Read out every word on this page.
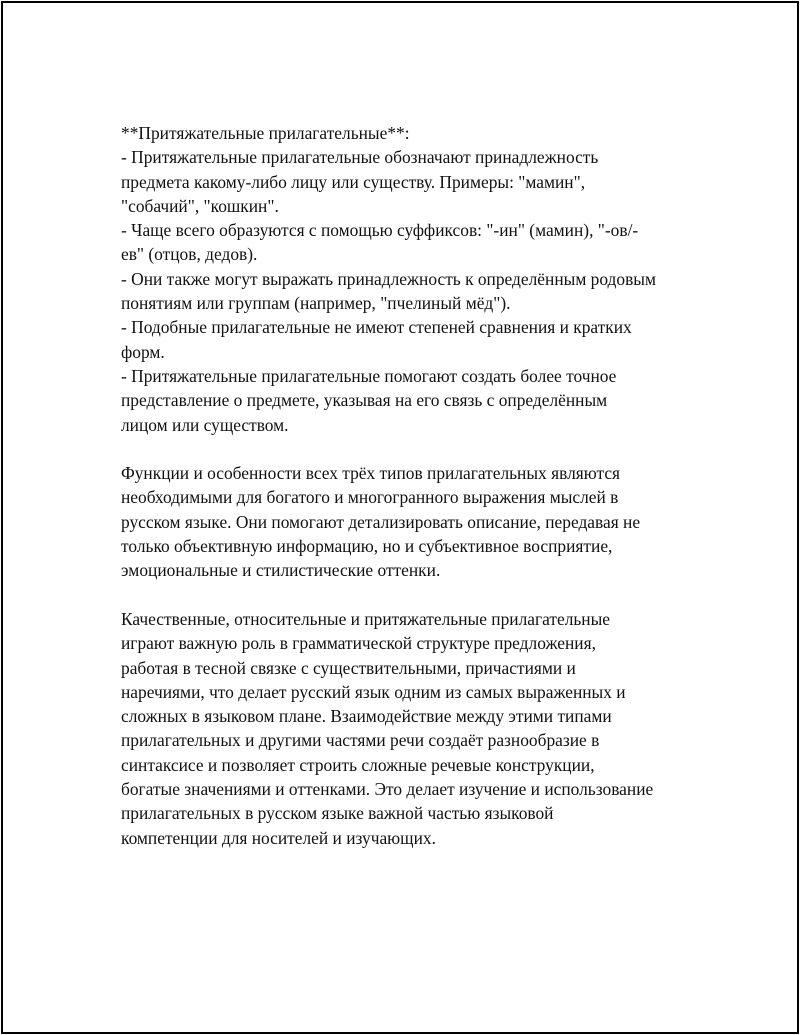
**Притяжательные прилагательные**:
- Притяжательные прилагательные обозначают принадлежность
предмета какому-либо лицу или существу. Примеры: "мамин",
"собачий", "кошкин".
- Чаще всего образуются с помощью суффиксов: "-ин" (мамин), "-ов/-
ев" (отцов, дедов).
- Они также могут выражать принадлежность к определённым родовым
понятиям или группам (например, "пчелиный мёд").
- Подобные прилагательные не имеют степеней сравнения и кратких
форм.
- Притяжательные прилагательные помогают создать более точное
представление о предмете, указывая на его связь с определённым
лицом или существом.
Функции и особенности всех трёх типов прилагательных являются
необходимыми для богатого и многогранного выражения мыслей в
русском языке. Они помогают детализировать описание, передавая не
только объективную информацию, но и субъективное восприятие,
эмоциональные и стилистические оттенки.
Качественные, относительные и притяжательные прилагательные
играют важную роль в грамматической структуре предложения,
работая в тесной связке с существительными, причастиями и
наречиями, что делает русский язык одним из самых выраженных и
сложных в языковом плане. Взаимодействие между этими типами
прилагательных и другими частями речи создаёт разнообразие в
синтаксисе и позволяет строить сложные речевые конструкции,
богатые значениями и оттенками. Это делает изучение и использование
прилагательных в русском языке важной частью языковой
компетенции для носителей и изучающих.
